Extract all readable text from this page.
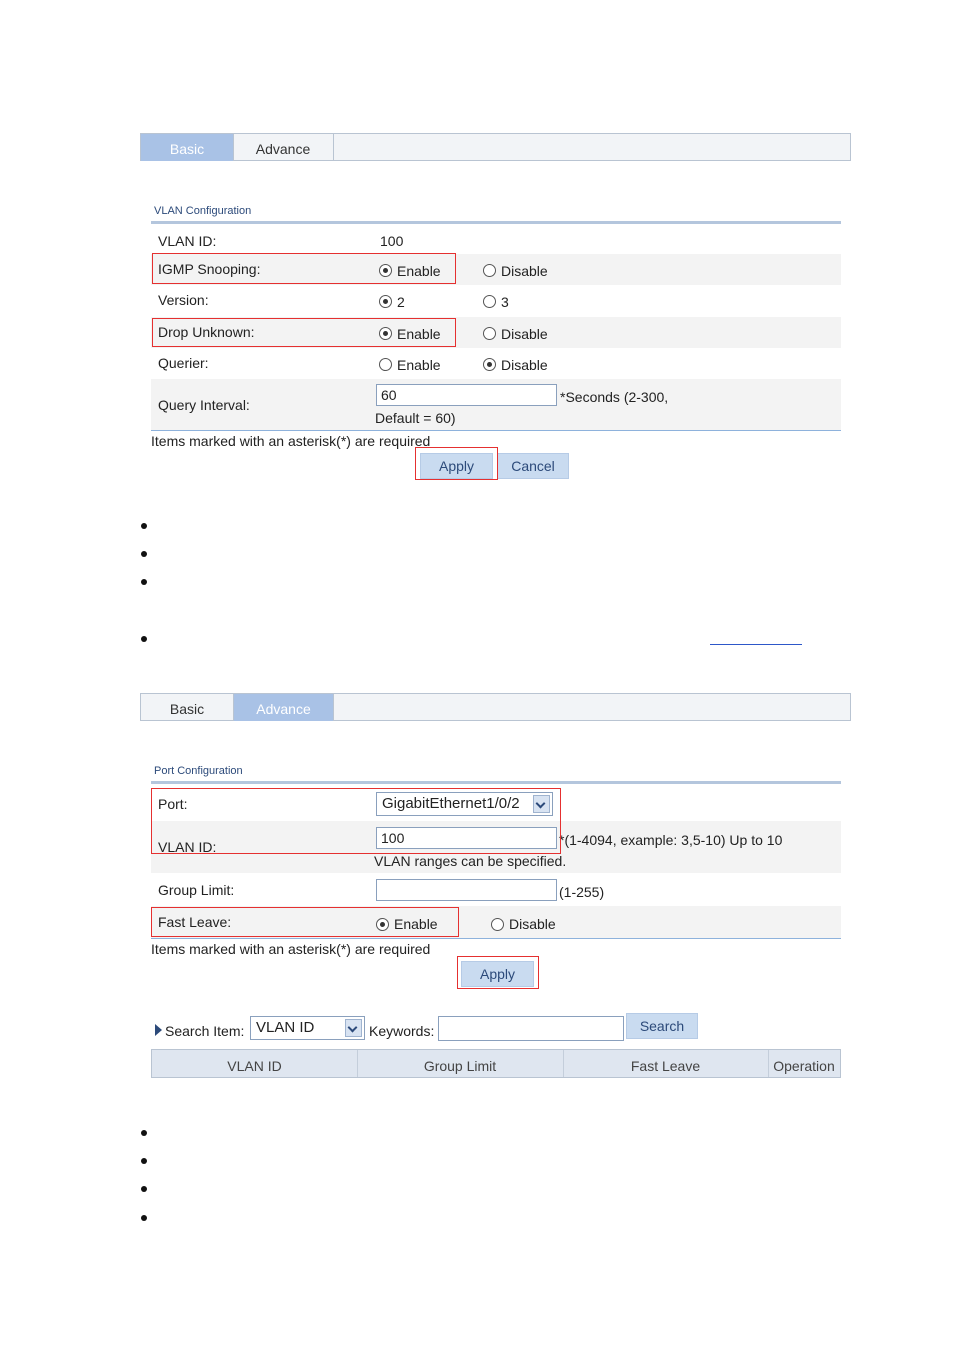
Basic	Advance
VLAN Configuration
VLAN ID:	100
IGMP Snooping:	Enable	Disable
Version:	2	3
Drop Unknown:	Enable	Disable
Querier:	Enable	Disable
Query Interval:
60	*Seconds (2-300,
Default = 60)
Items marked with an asterisk(*) are required
Apply	Cancel
Basic	Advance
Port Configuration
Port:	GigabitEthernet1/0/2
VLAN ID:
100	*(1-4094, example: 3,5-10) Up to 10
VLAN ranges can be specified.
Group Limit:	(1-255)
Fast Leave:	Enable	Disable
Items marked with an asterisk(*) are required
Apply
Search Item: VLAN ID	Keywords:	Search
VLAN ID	Group Limit	Fast Leave	Operation
